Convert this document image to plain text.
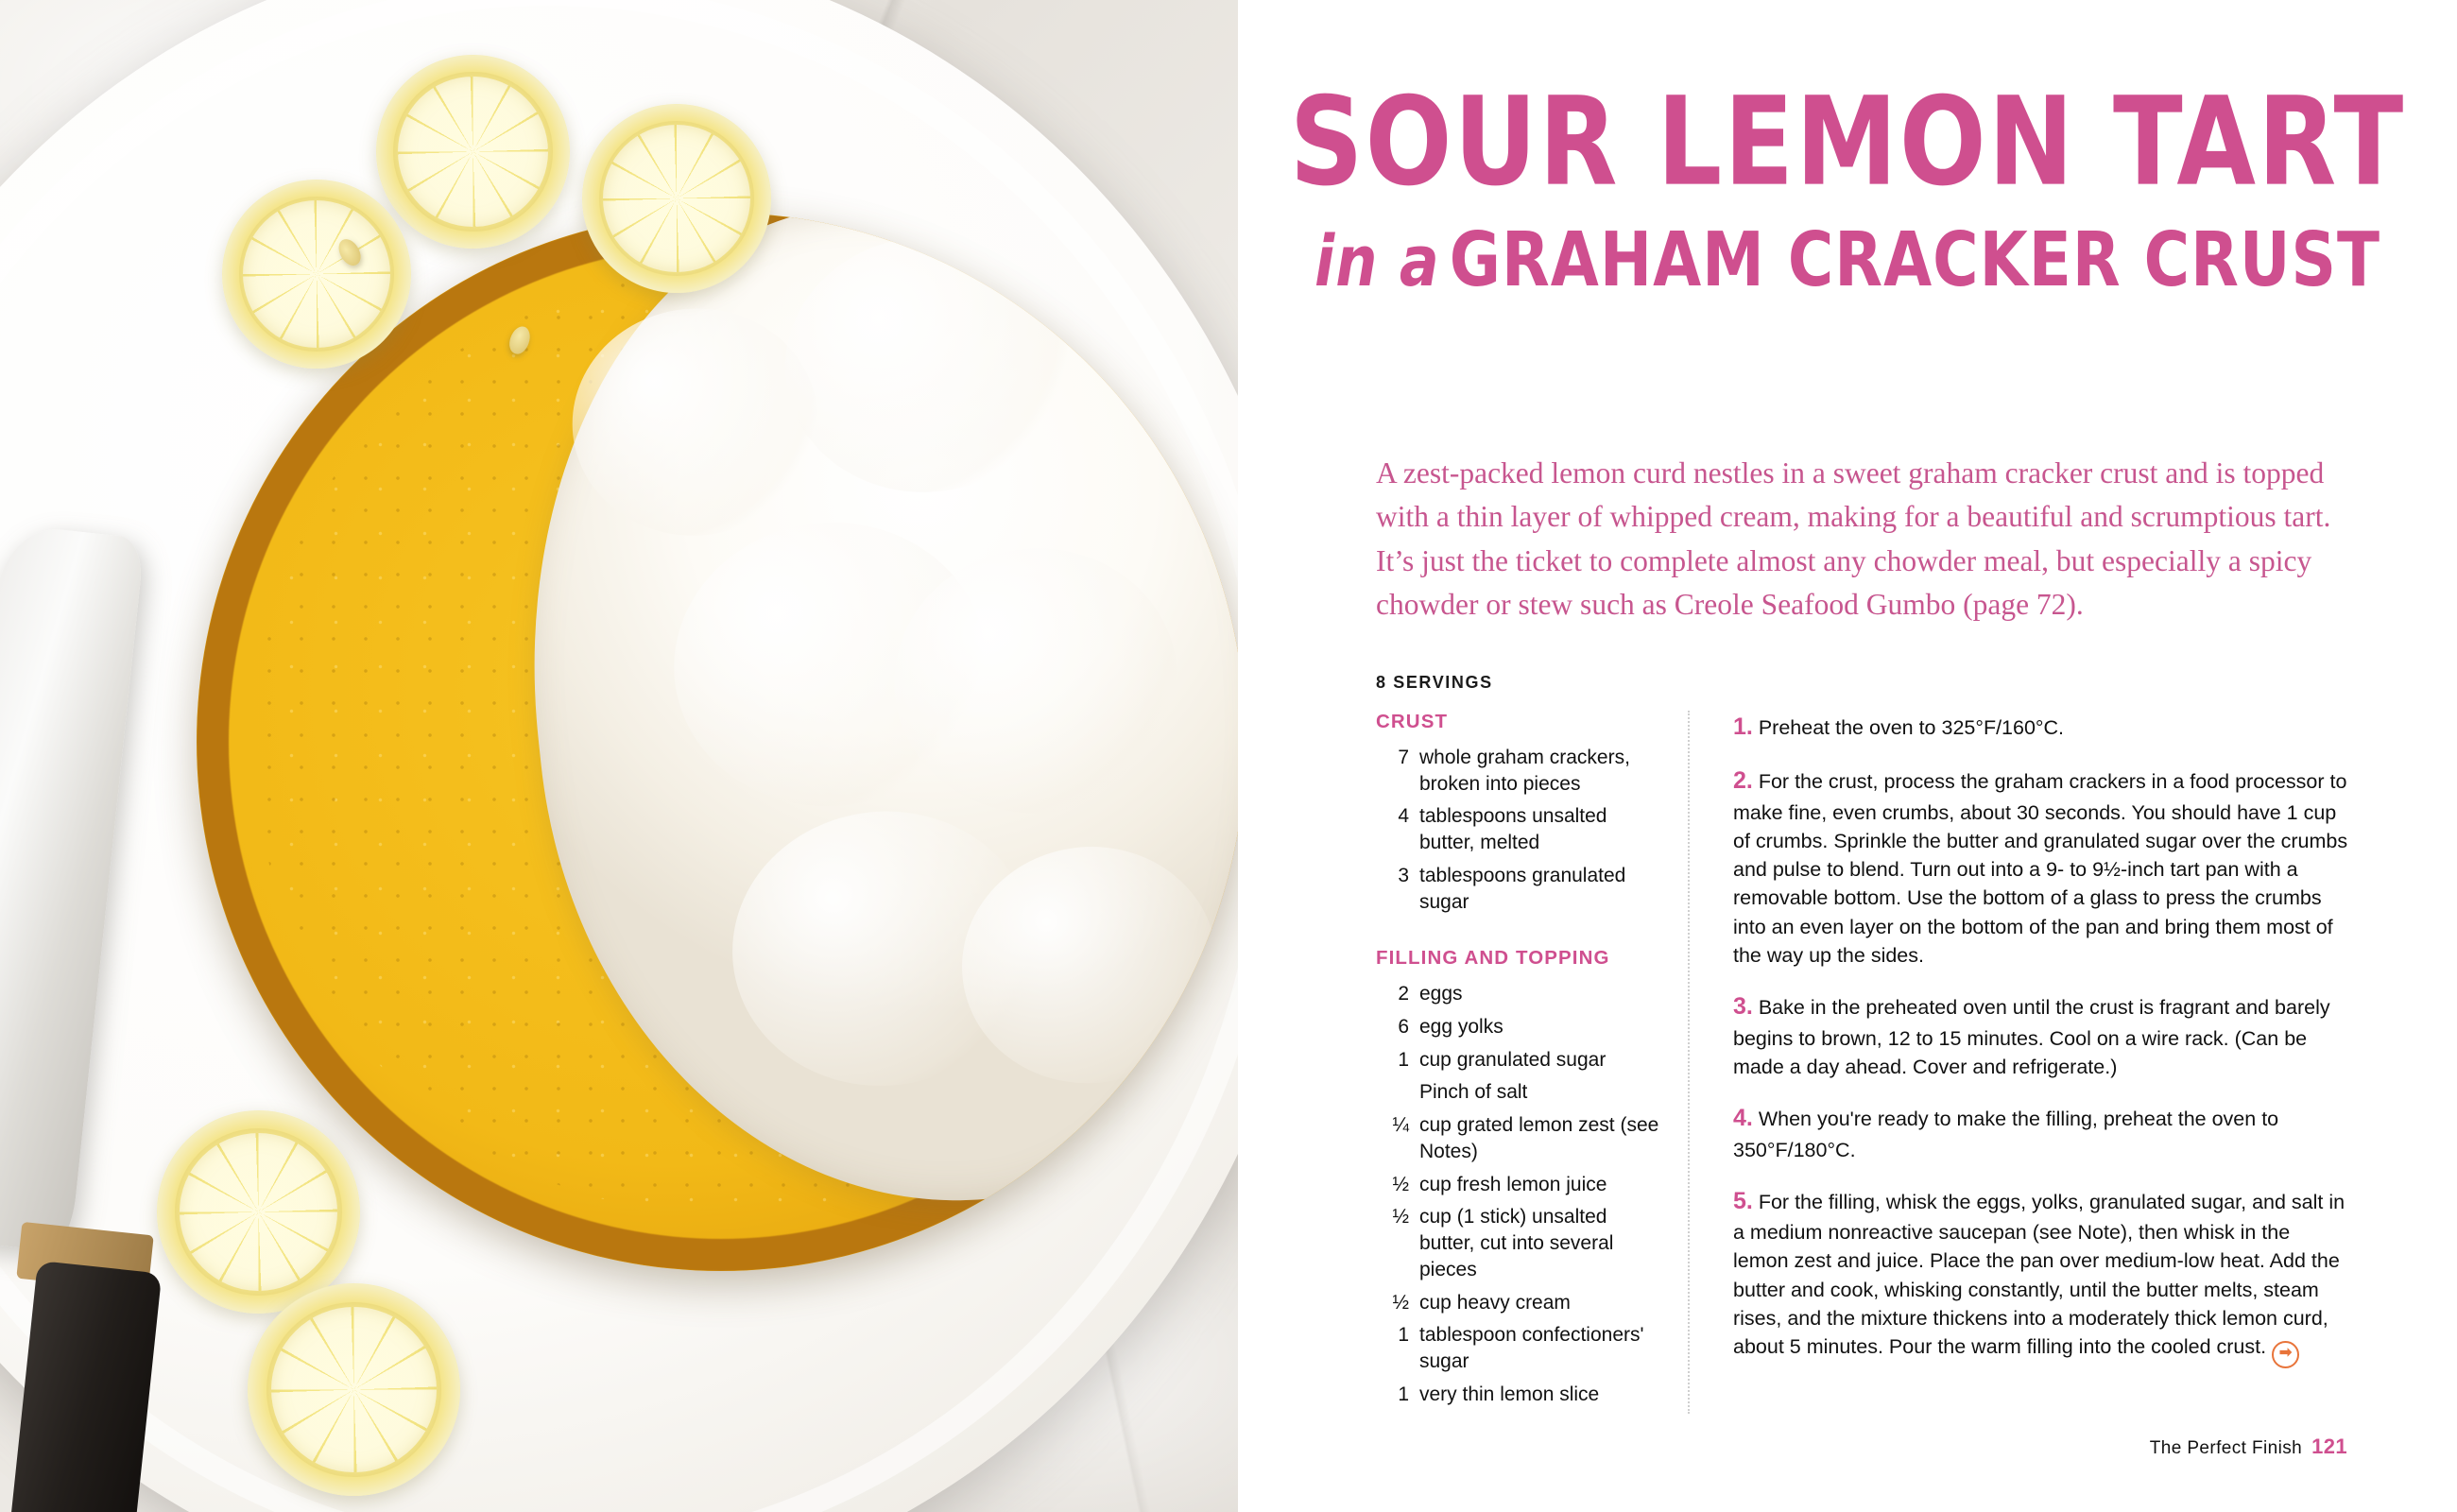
SOUR LEMON TART
in a GRAHAM CRACKER CRUST
A zest-packed lemon curd nestles in a sweet graham cracker crust and is topped with a thin layer of whipped cream, making for a beautiful and scrumptious tart. It’s just the ticket to complete almost any chowder meal, but especially a spicy chowder or stew such as Creole Seafood Gumbo (page 72).
8 SERVINGS
CRUST
7 whole graham crackers, broken into pieces
4 tablespoons unsalted butter, melted
3 tablespoons granulated sugar
FILLING AND TOPPING
2 eggs
6 egg yolks
1 cup granulated sugar
Pinch of salt
¼ cup grated lemon zest (see Notes)
½ cup fresh lemon juice
½ cup (1 stick) unsalted butter, cut into several pieces
½ cup heavy cream
1 tablespoon confectioners' sugar
1 very thin lemon slice
1. Preheat the oven to 325°F/160°C.
2. For the crust, process the graham crackers in a food processor to make fine, even crumbs, about 30 seconds. You should have 1 cup of crumbs. Sprinkle the butter and granulated sugar over the crumbs and pulse to blend. Turn out into a 9- to 9½-inch tart pan with a removable bottom. Use the bottom of a glass to press the crumbs into an even layer on the bottom of the pan and bring them most of the way up the sides.
3. Bake in the preheated oven until the crust is fragrant and barely begins to brown, 12 to 15 minutes. Cool on a wire rack. (Can be made a day ahead. Cover and refrigerate.)
4. When you're ready to make the filling, preheat the oven to 350°F/180°C.
5. For the filling, whisk the eggs, yolks, granulated sugar, and salt in a medium nonreactive saucepan (see Note), then whisk in the lemon zest and juice. Place the pan over medium-low heat. Add the butter and cook, whisking constantly, until the butter melts, steam rises, and the mixture thickens into a moderately thick lemon curd, about 5 minutes. Pour the warm filling into the cooled crust. ➡
The Perfect Finish 121
